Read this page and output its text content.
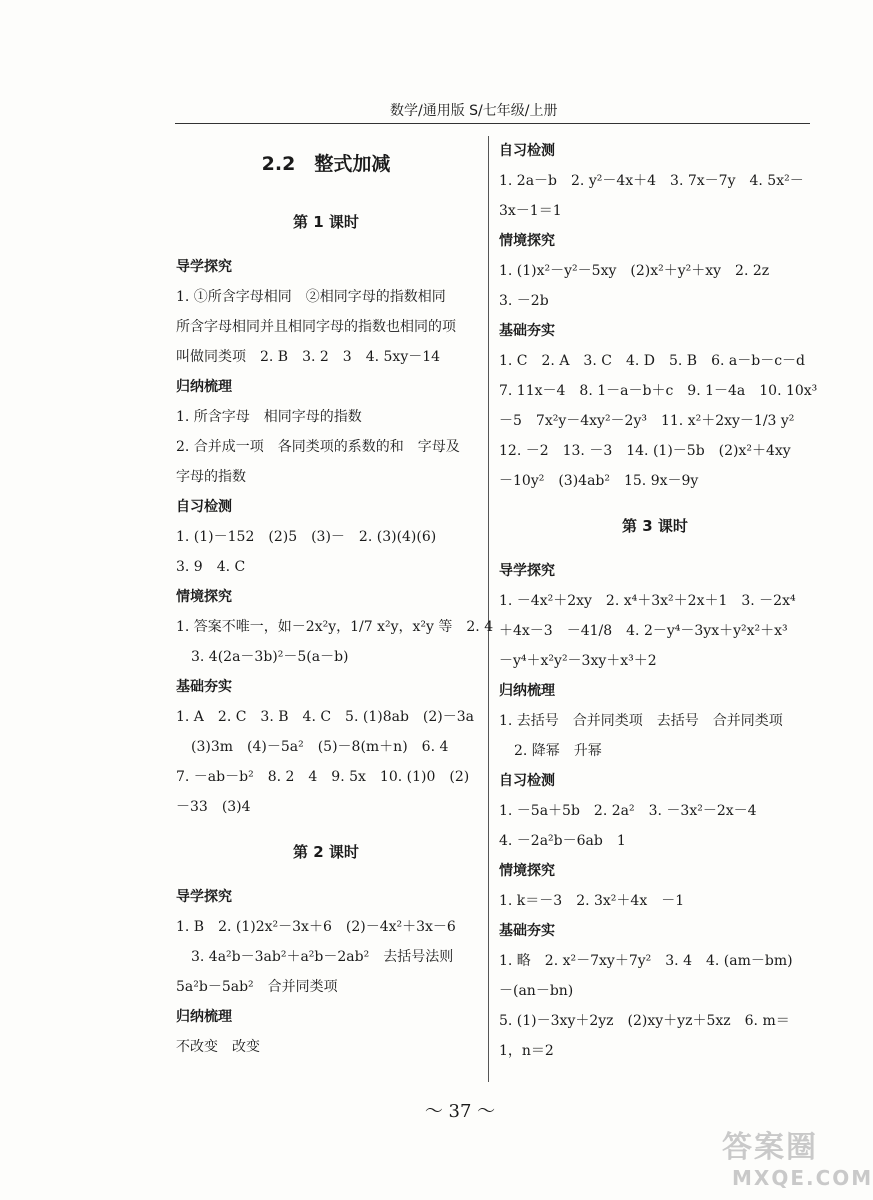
数学/通用版 S/七年级/上册
2.2　整式加减
第 1 课时
导学探究
1. ①所含字母相同　②相同字母的指数相同
所含字母相同并且相同字母的指数也相同的项
叫做同类项　2. B　3. 2　3　4. 5xy－14
归纳梳理
1. 所含字母　相同字母的指数
2. 合并成一项　各同类项的系数的和　字母及
字母的指数
自习检测
1. (1)－152　(2)5　(3)－　2. (3)(4)(6)
3. 9　4. C
情境探究
1. 答案不唯一，如－2x²y，1/7 x²y，x²y 等　2. 4
3. 4(2a－3b)²－5(a－b)
基础夯实
1. A　2. C　3. B　4. C　5. (1)8ab　(2)－3a
(3)3m　(4)－5a²　(5)－8(m＋n)　6. 4
7. －ab－b²　8. 2　4　9. 5x　10. (1)0　(2)
－33　(3)4
第 2 课时
导学探究
1. B　2. (1)2x²－3x＋6　(2)－4x²＋3x－6
3. 4a²b－3ab²＋a²b－2ab²　去括号法则
5a²b－5ab²　合并同类项
归纳梳理
不改变　改变
自习检测
1. 2a－b　2. y²－4x＋4　3. 7x－7y　4. 5x²－
3x－1＝1
情境探究
1. (1)x²－y²－5xy　(2)x²＋y²＋xy　2. 2z
3. －2b
基础夯实
1. C　2. A　3. C　4. D　5. B　6. a－b－c－d
7. 11x－4　8. 1－a－b＋c　9. 1－4a　10. 10x³
－5　7x²y－4xy²－2y³　11. x²＋2xy－1/3 y²
12. －2　13. －3　14. (1)－5b　(2)x²＋4xy
－10y²　(3)4ab²　15. 9x－9y
第 3 课时
导学探究
1. －4x²＋2xy　2. x⁴＋3x²＋2x＋1　3. －2x⁴
＋4x－3　－41/8　4. 2－y⁴－3yx＋y²x²＋x³
－y⁴＋x²y²－3xy＋x³＋2
归纳梳理
1. 去括号　合并同类项　去括号　合并同类项
2. 降幂　升幂
自习检测
1. －5a＋5b　2. 2a²　3. －3x²－2x－4
4. －2a²b－6ab　1
情境探究
1. k＝－3　2. 3x²＋4x　－1
基础夯实
1. 略　2. x²－7xy＋7y²　3. 4　4. (am－bm)
－(an－bn)
5. (1)－3xy＋2yz　(2)xy＋yz＋5xz　6. m＝
1，n＝2
～ 37 ～
答案圈
MXQE.COM
